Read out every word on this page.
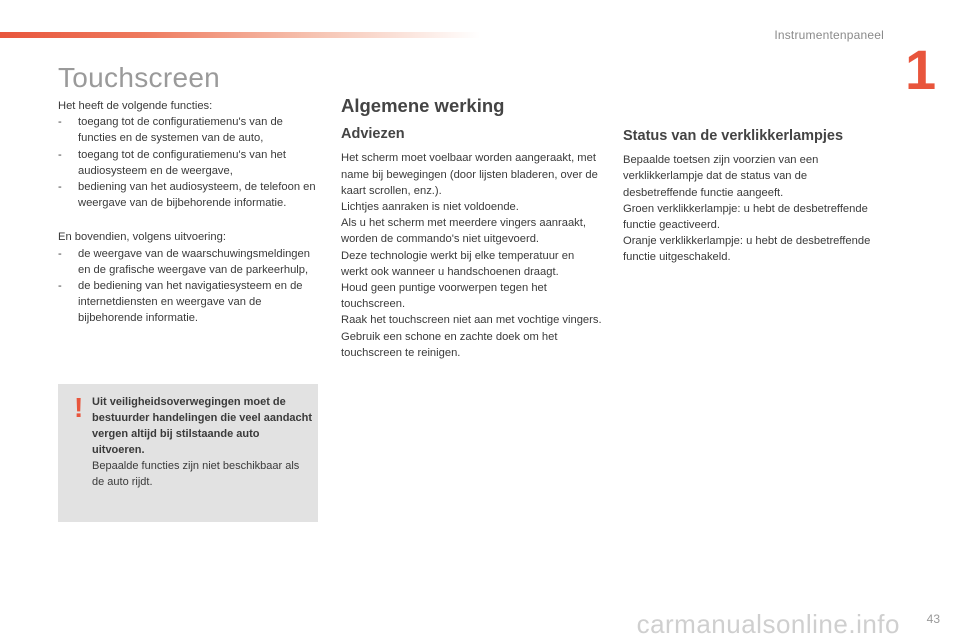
Instrumentenpaneel
1
Touchscreen

Het heeft de volgende functies:

- toegang tot de configuratiemenu's van de functies en de systemen van de auto,
- toegang tot de configuratiemenu's van het audiosysteem en de weergave,
- bediening van het audiosysteem, de telefoon en weergave van de bijbehorende informatie.

En bovendien, volgens uitvoering:

- de weergave van de waarschuwingsmeldingen en de grafische weergave van de parkeerhulp,
- de bediening van het navigatiesysteem en de internetdiensten en weergave van de bijbehorende informatie.
! Uit veiligheidsoverwegingen moet de bestuurder handelingen die veel aandacht vergen altijd bij stilstaande auto uitvoeren.
Bepaalde functies zijn niet beschikbaar als de auto rijdt.
Algemene werking
Adviezen

Het scherm moet voelbaar worden aangeraakt, met name bij bewegingen (door lijsten bladeren, over de kaart scrollen, enz.).

Lichtjes aanraken is niet voldoende.

Als u het scherm met meerdere vingers aanraakt, worden de commando's niet uitgevoerd.

Deze technologie werkt bij elke temperatuur en werkt ook wanneer u handschoenen draagt.

Houd geen puntige voorwerpen tegen het touchscreen.

Raak het touchscreen niet aan met vochtige vingers.

Gebruik een schone en zachte doek om het touchscreen te reinigen.

Status van de verklikkerlampjes

Bepaalde toetsen zijn voorzien van een verklikkerlampje dat de status van de desbetreffende functie aangeeft.

Groen verklikkerlampje: u hebt de desbetreffende functie geactiveerd.

Oranje verklikkerlampje: u hebt de desbetreffende functie uitgeschakeld.

43
carmanualsonline.info
